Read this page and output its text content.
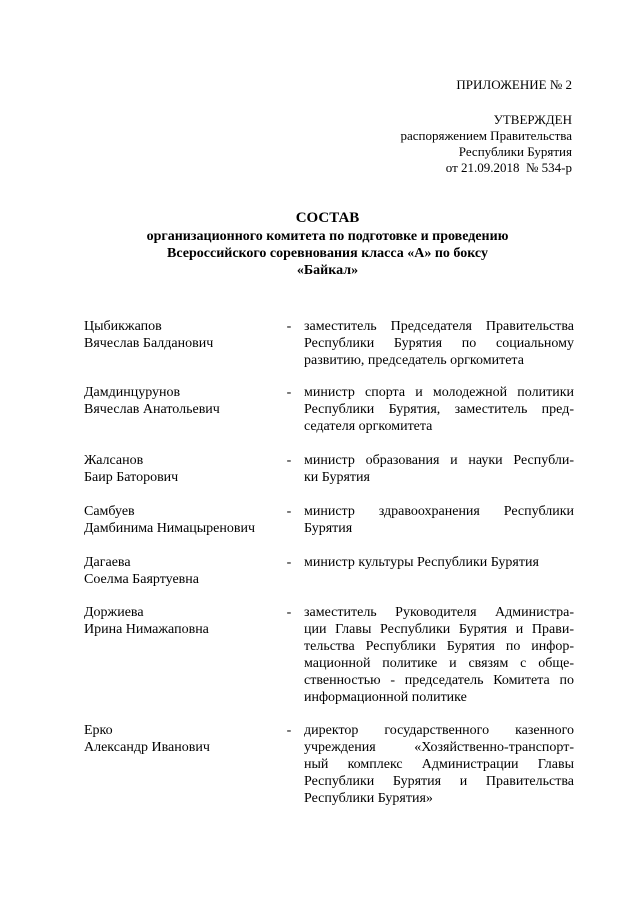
ПРИЛОЖЕНИЕ № 2
УТВЕРЖДЕН
распоряжением Правительства
Республики Бурятия
от 21.09.2018  № 534-р
СОСТАВ
организационного комитета по подготовке и проведению
Всероссийского соревнования класса «А» по боксу
«Байкал»
Цыбикжапов
Вячеслав Балданович
- заместитель Председателя Правительства
Республики Бурятия по социальному
развитию, председатель оргкомитета
Дамдинцурунов
Вячеслав Анатольевич
- министр спорта и молодежной политики
Республики Бурятия, заместитель пред-
седателя оргкомитета
Жалсанов
Баир Баторович
- министр образования и науки Республи-
ки Бурятия
Самбуев
Дамбинима Нимацыренович
- министр здравоохранения Республики
Бурятия
Дагаева
Соелма Баяртуевна
- министр культуры Республики Бурятия
Доржиева
Ирина Нимажаповна
- заместитель Руководителя Администра-
ции Главы Республики Бурятия и Прави-
тельства Республики Бурятия по инфор-
мационной политике и связям с обще-
ственностью - председатель Комитета по
информационной политике
Ерко
Александр Иванович
- директор государственного казенного
учреждения «Хозяйственно-транспорт-
ный комплекс Администрации Главы
Республики Бурятия и Правительства
Республики Бурятия»
